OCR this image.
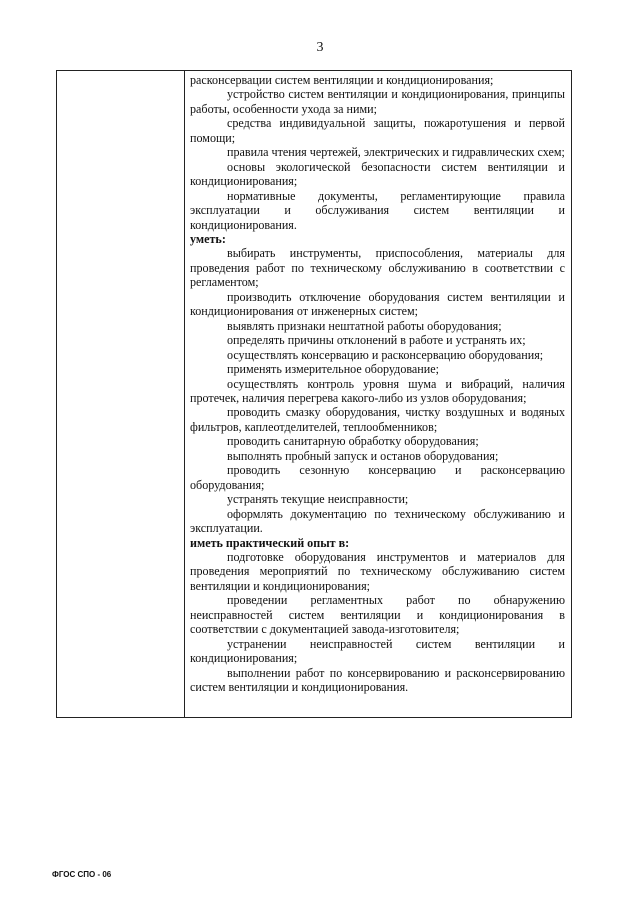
3

расконсервации систем вентиляции и кондиционирования;

устройство систем вентиляции и кондиционирования, принципы работы, особенности ухода за ними;

средства индивидуальной защиты, пожаротушения и первой помощи;

правила чтения чертежей, электрических и гидравлических схем;

основы экологической безопасности систем вентиляции и кондиционирования;

нормативные документы, регламентирующие правила эксплуатации и обслуживания систем вентиляции и кондиционирования.

уметь:

выбирать инструменты, приспособления, материалы для проведения работ по техническому обслуживанию в соответствии с регламентом;

производить отключение оборудования систем вентиляции и кондиционирования от инженерных систем;

выявлять признаки нештатной работы оборудования;

определять причины отклонений в работе и устранять их;

осуществлять консервацию и расконсервацию оборудования;

применять измерительное оборудование;

осуществлять контроль уровня шума и вибраций, наличия протечек, наличия перегрева какого-либо из узлов оборудования;

проводить смазку оборудования, чистку воздушных и водяных фильтров, каплеотделителей, теплообменников;

проводить санитарную обработку оборудования;

выполнять пробный запуск и останов оборудования;

проводить сезонную консервацию и расконсервацию оборудования;

устранять текущие неисправности;

оформлять документацию по техническому обслуживанию и эксплуатации.

иметь практический опыт в:

подготовке оборудования инструментов и материалов для проведения мероприятий по техническому обслуживанию систем вентиляции и кондиционирования;

проведении регламентных работ по обнаружению неисправностей систем вентиляции и кондиционирования в соответствии с документацией завода-изготовителя;

устранении неисправностей систем вентиляции и кондиционирования;

выполнении работ по консервированию и расконсервированию систем вентиляции и кондиционирования.

ФГОС СПО - 06
